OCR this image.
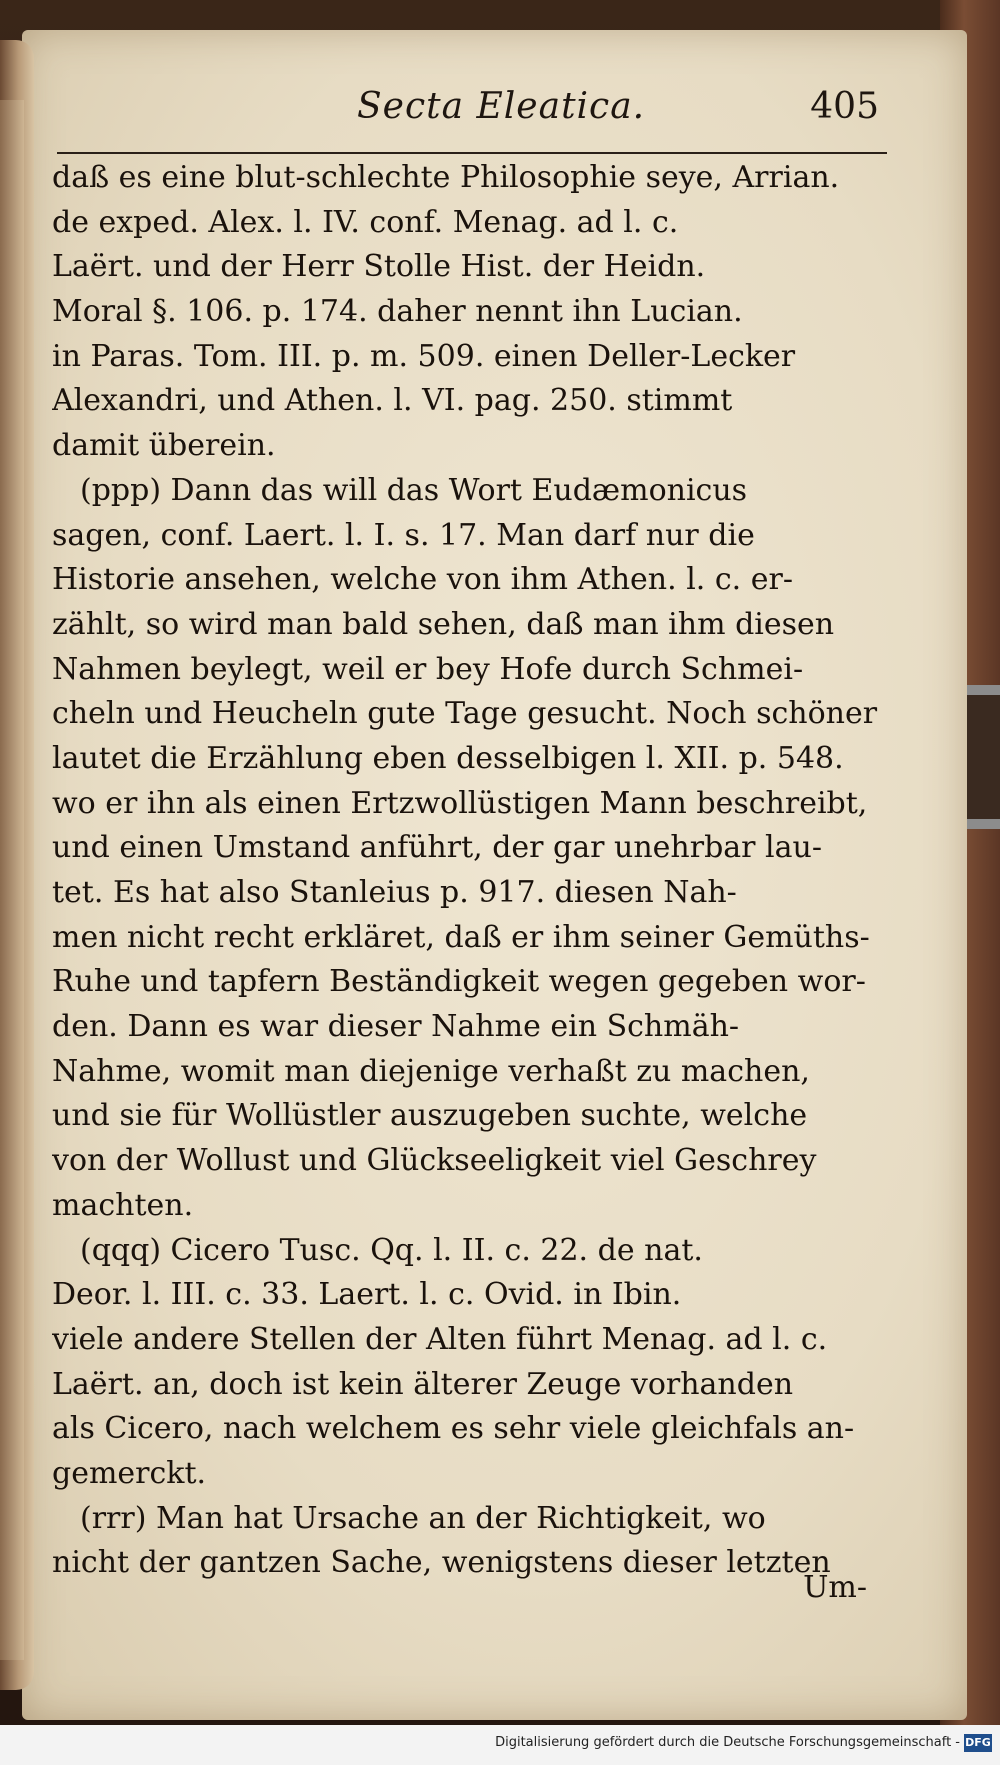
Secta Eleatica.	405
daß es eine blut-schlechte Philosophie seye, Arrian.
de exped. Alex. l. IV. conf. Menag. ad l. c.
Laërt. und der Herr Stolle Hist. der Heidn.
Moral §. 106. p. 174. daher nennt ihn Lucian.
in Paras. Tom. III. p. m. 509. einen Deller-Lecker
Alexandri, und Athen. l. VI. pag. 250. stimmt
damit überein.
(ppp) Dann das will das Wort Eudæmonicus
sagen, conf. Laert. l. I. s. 17. Man darf nur die
Historie ansehen, welche von ihm Athen. l. c. er-
zählt, so wird man bald sehen, daß man ihm diesen
Nahmen beylegt, weil er bey Hofe durch Schmei-
cheln und Heucheln gute Tage gesucht. Noch schöner
lautet die Erzählung eben desselbigen l. XII. p. 548.
wo er ihn als einen Ertzwollüstigen Mann beschreibt,
und einen Umstand anführt, der gar unehrbar lau-
tet. Es hat also Stanleius p. 917. diesen Nah-
men nicht recht erkläret, daß er ihm seiner Gemüths-
Ruhe und tapfern Beständigkeit wegen gegeben wor-
den. Dann es war dieser Nahme ein Schmäh-
Nahme, womit man diejenige verhaßt zu machen,
und sie für Wollüstler auszugeben suchte, welche
von der Wollust und Glückseeligkeit viel Geschrey
machten.
(qqq) Cicero Tusc. Qq. l. II. c. 22. de nat.
Deor. l. III. c. 33. Laert. l. c. Ovid. in Ibin.
viele andere Stellen der Alten führt Menag. ad l. c.
Laërt. an, doch ist kein älterer Zeuge vorhanden
als Cicero, nach welchem es sehr viele gleichfals an-
gemerckt.
(rrr) Man hat Ursache an der Richtigkeit, wo
nicht der gantzen Sache, wenigstens dieser letzten
Um-
Digitalisierung gefördert durch die Deutsche Forschungsgemeinschaft - DFG
